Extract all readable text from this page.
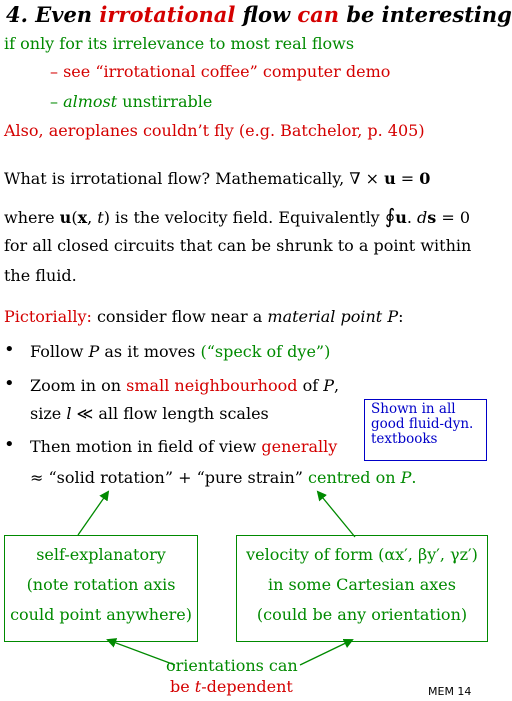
4. Even irrotational flow can be interesting
if only for its irrelevance to most real flows
– see “irrotational coffee” computer demo
– almost unstirrable
Also, aeroplanes couldn’t fly (e.g. Batchelor, p. 405)
What is irrotational flow? Mathematically, ∇ × u = 0
where u(x, t) is the velocity field. Equivalently ∮u. ds = 0
for all closed circuits that can be shrunk to a point within
the fluid.
Pictorially: consider flow near a material point P:
• Follow P as it moves (“speck of dye”)
• Zoom in on small neighbourhood of P,
size l ≪ all flow length scales
• Then motion in field of view generally
≈ “solid rotation” + “pure strain” centred on P.
Shown in all
good fluid-dyn.
textbooks
self-explanatory
(note rotation axis
could point anywhere)
velocity of form (αx′, βy′, γz′)
in some Cartesian axes
(could be any orientation)
orientations can
be t-dependent	MEM 14
